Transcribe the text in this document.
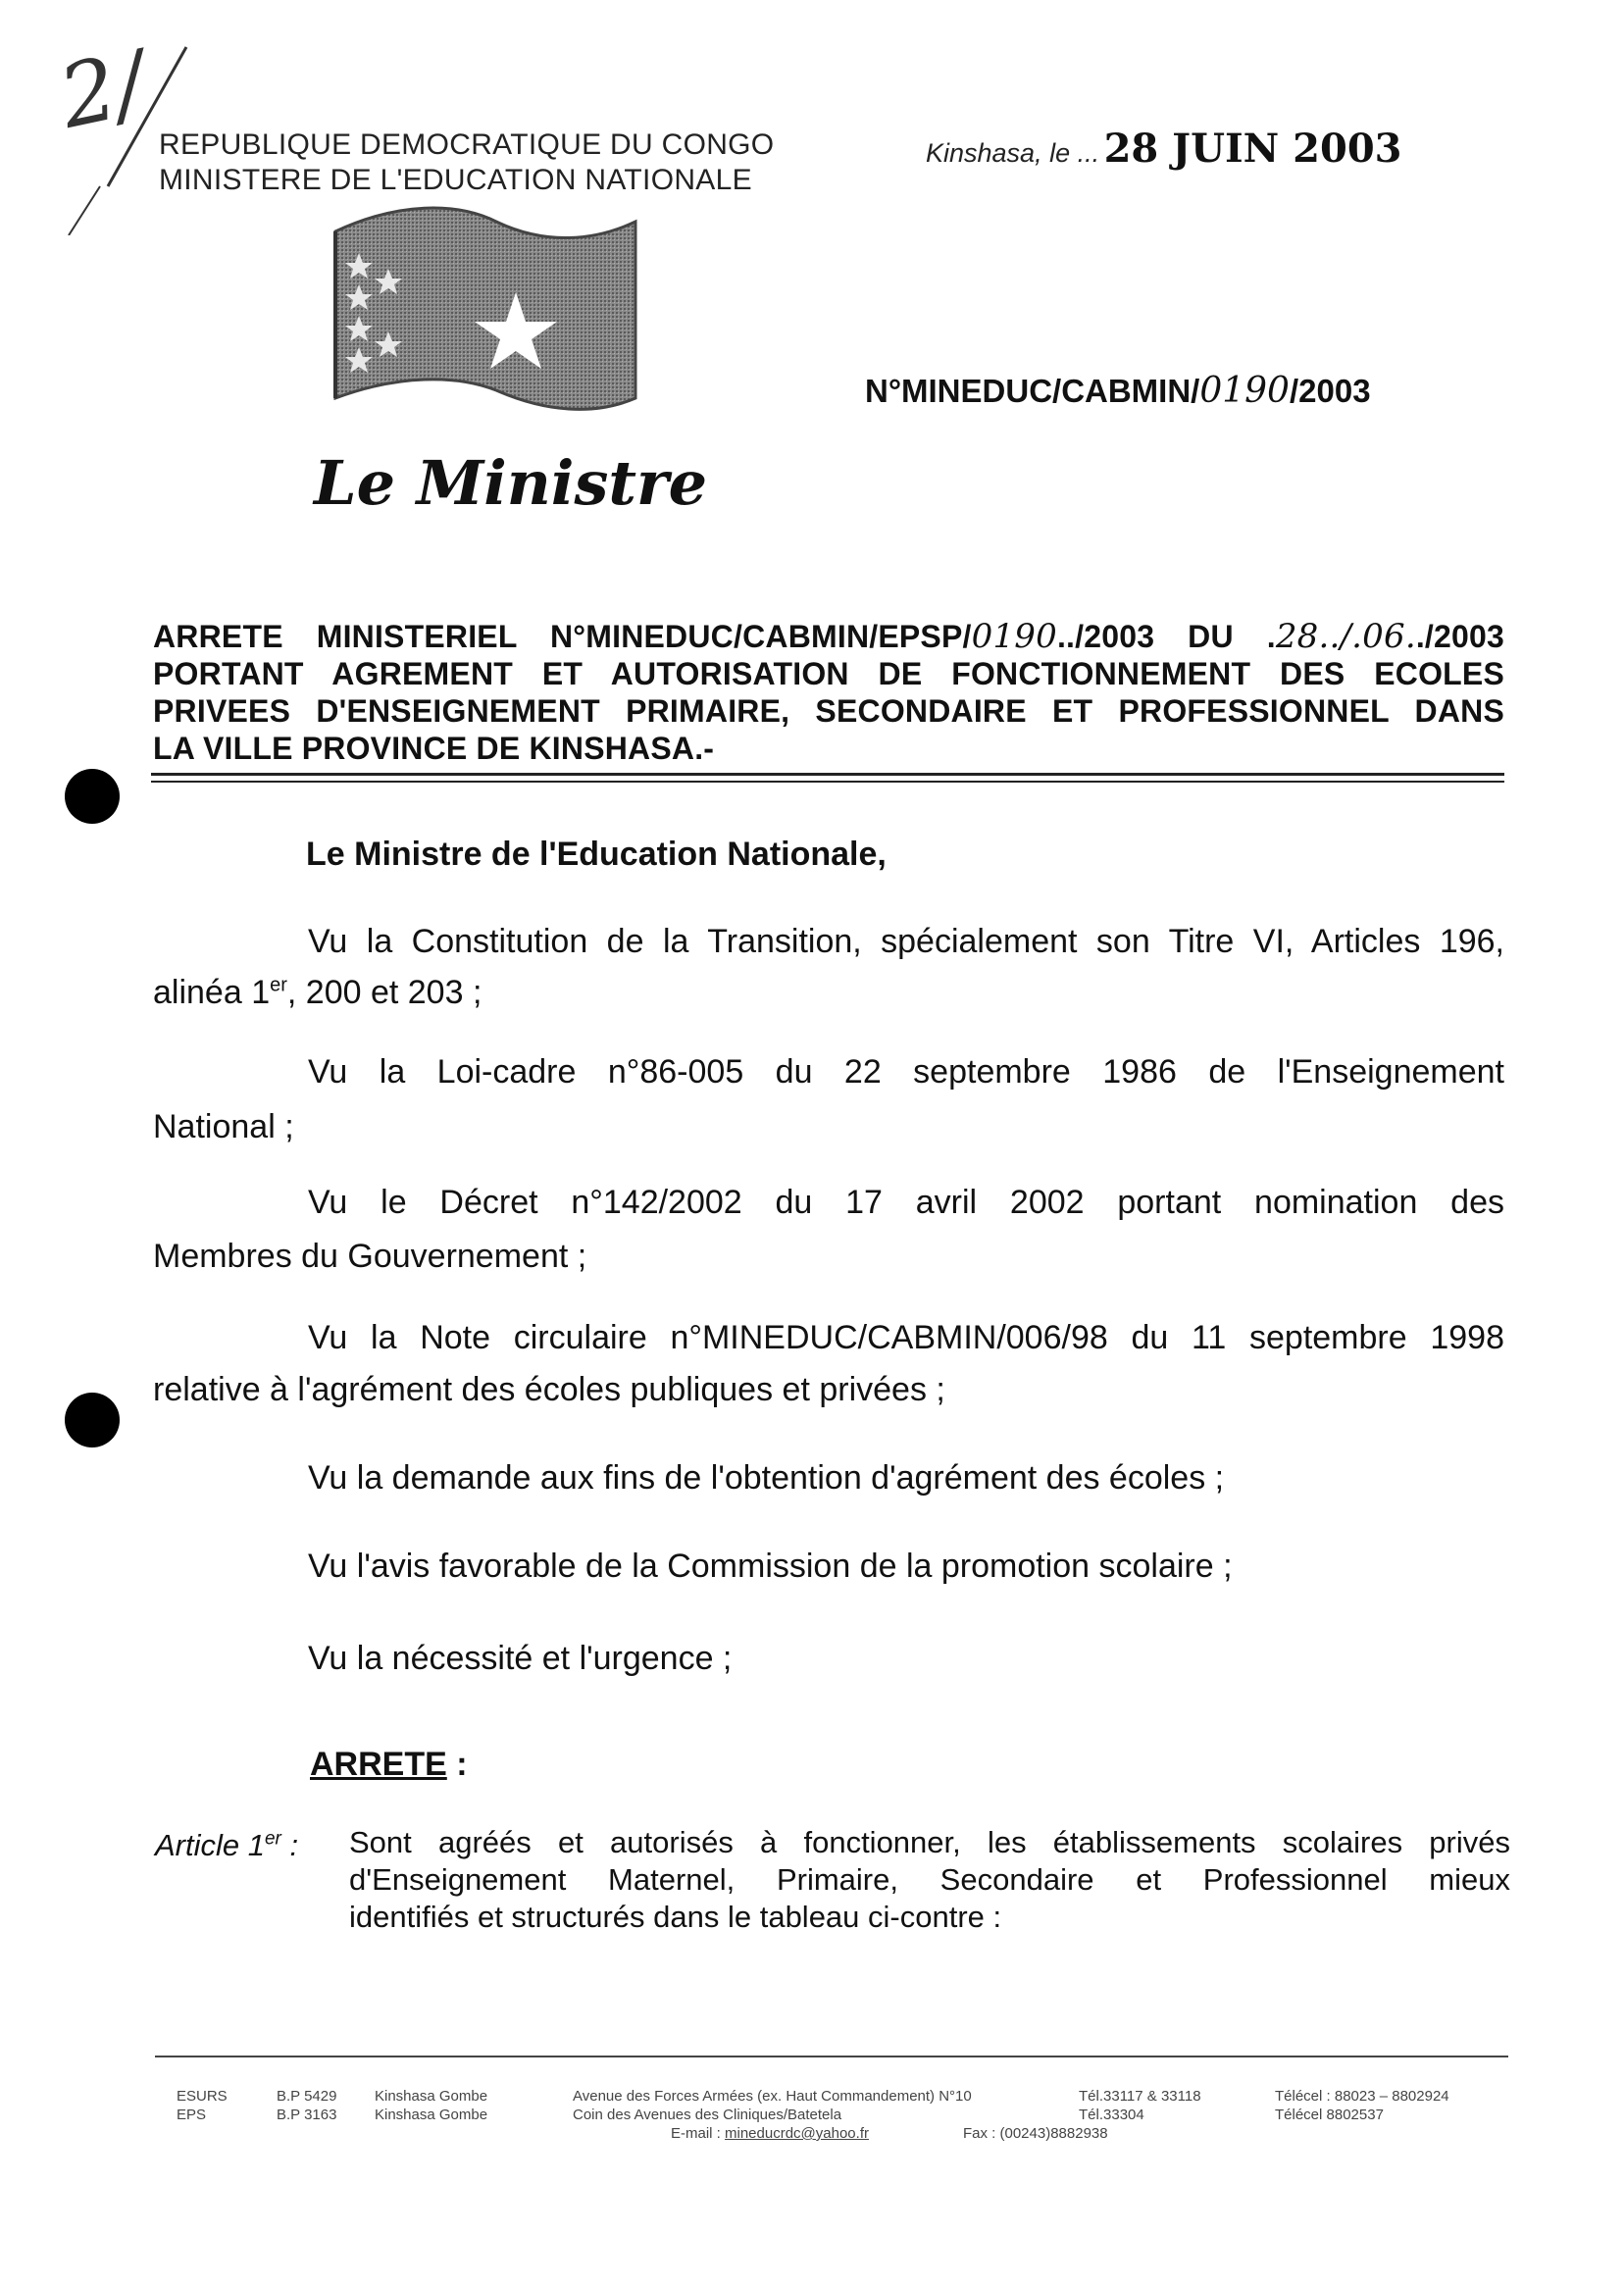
2/ REPUBLIQUE DEMOCRATIQUE DU CONGO
MINISTERE DE L'EDUCATION NATIONALE
Kinshasa, le ... 28 JUIN 2003
N°MINEDUC/CABMIN/0190/2003
Le Ministre
ARRETE MINISTERIEL N°MINEDUC/CABMIN/EPSP/0190../2003 DU .28../.06../2003
PORTANT AGREMENT ET AUTORISATION DE FONCTIONNEMENT DES ECOLES
PRIVEES D'ENSEIGNEMENT PRIMAIRE, SECONDAIRE ET PROFESSIONNEL DANS
LA VILLE PROVINCE DE KINSHASA.-
Le Ministre de l'Education Nationale,
Vu la Constitution de la Transition, spécialement son Titre VI, Articles 196,
alinéa 1er, 200 et 203 ;
Vu la Loi-cadre n°86-005 du 22 septembre 1986 de l'Enseignement
National ;
Vu le Décret n°142/2002 du 17 avril 2002 portant nomination des
Membres du Gouvernement ;
Vu la Note circulaire n°MINEDUC/CABMIN/006/98 du 11 septembre 1998
relative à l'agrément des écoles publiques et privées ;
Vu la demande aux fins de l'obtention d'agrément des écoles ;
Vu l'avis favorable de la Commission de la promotion scolaire ;
Vu la nécessité et l'urgence ;
ARRETE :
Article 1er : Sont agréés et autorisés à fonctionner, les établissements scolaires privés
d'Enseignement Maternel, Primaire, Secondaire et Professionnel mieux
identifiés et structurés dans le tableau ci-contre :
ESURS
EPS
B.P 5429
B.P 3163
Kinshasa Gombe
Kinshasa Gombe
Avenue des Forces Armées (ex. Haut Commandement) N°10
Coin des Avenues des Cliniques/Batetela
Tél.33117 & 33118
Tél.33304
Télécel : 88023 – 8802924
Télécel 8802537
E-mail : mineducrdc@yahoo.fr	Fax : (00243)8882938
